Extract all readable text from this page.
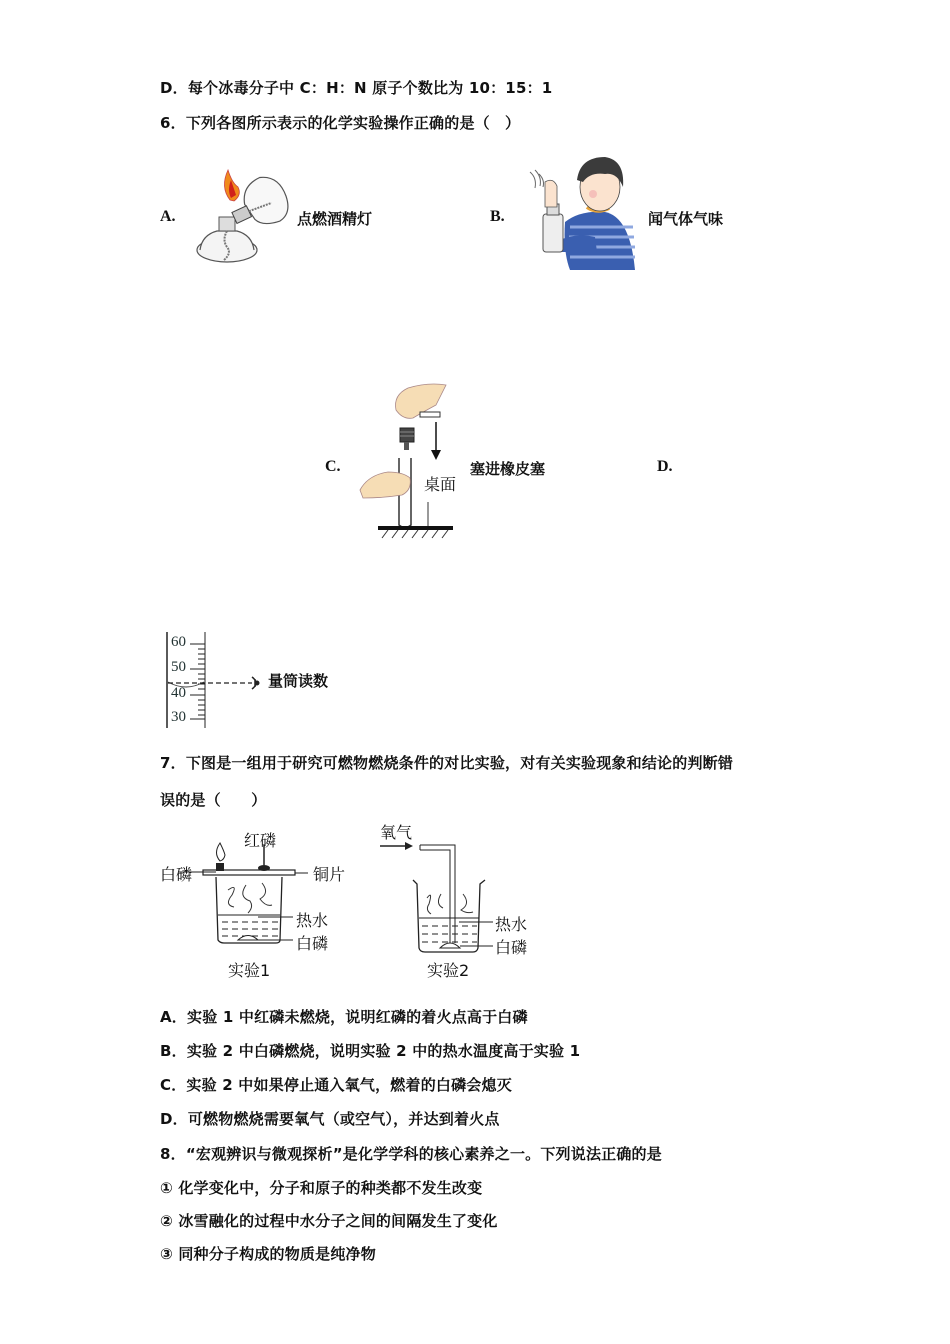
D．每个冰毒分子中 C：H：N 原子个数比为 10：15：1
6．下列各图所示表示的化学实验操作正确的是（　）
A.	点燃酒精灯	B.	闻气体气味
C.
桌面
塞进橡皮塞	D.
60
50
40
30
量筒读数
7．下图是一组用于研究可燃物燃烧条件的对比实验，对有关实验现象和结论的判断错
误的是（　　）
红磷
白磷	铜片
热水
白磷
实验1
氧气
热水
白磷
实验2
A．实验 1 中红磷未燃烧，说明红磷的着火点高于白磷
B．实验 2 中白磷燃烧，说明实验 2 中的热水温度高于实验 1
C．实验 2 中如果停止通入氧气，燃着的白磷会熄灭
D．可燃物燃烧需要氧气（或空气），并达到着火点
8．“宏观辨识与微观探析”是化学学科的核心素养之一。下列说法正确的是
① 化学变化中，分子和原子的种类都不发生改变
② 冰雪融化的过程中水分子之间的间隔发生了变化
③ 同种分子构成的物质是纯净物
